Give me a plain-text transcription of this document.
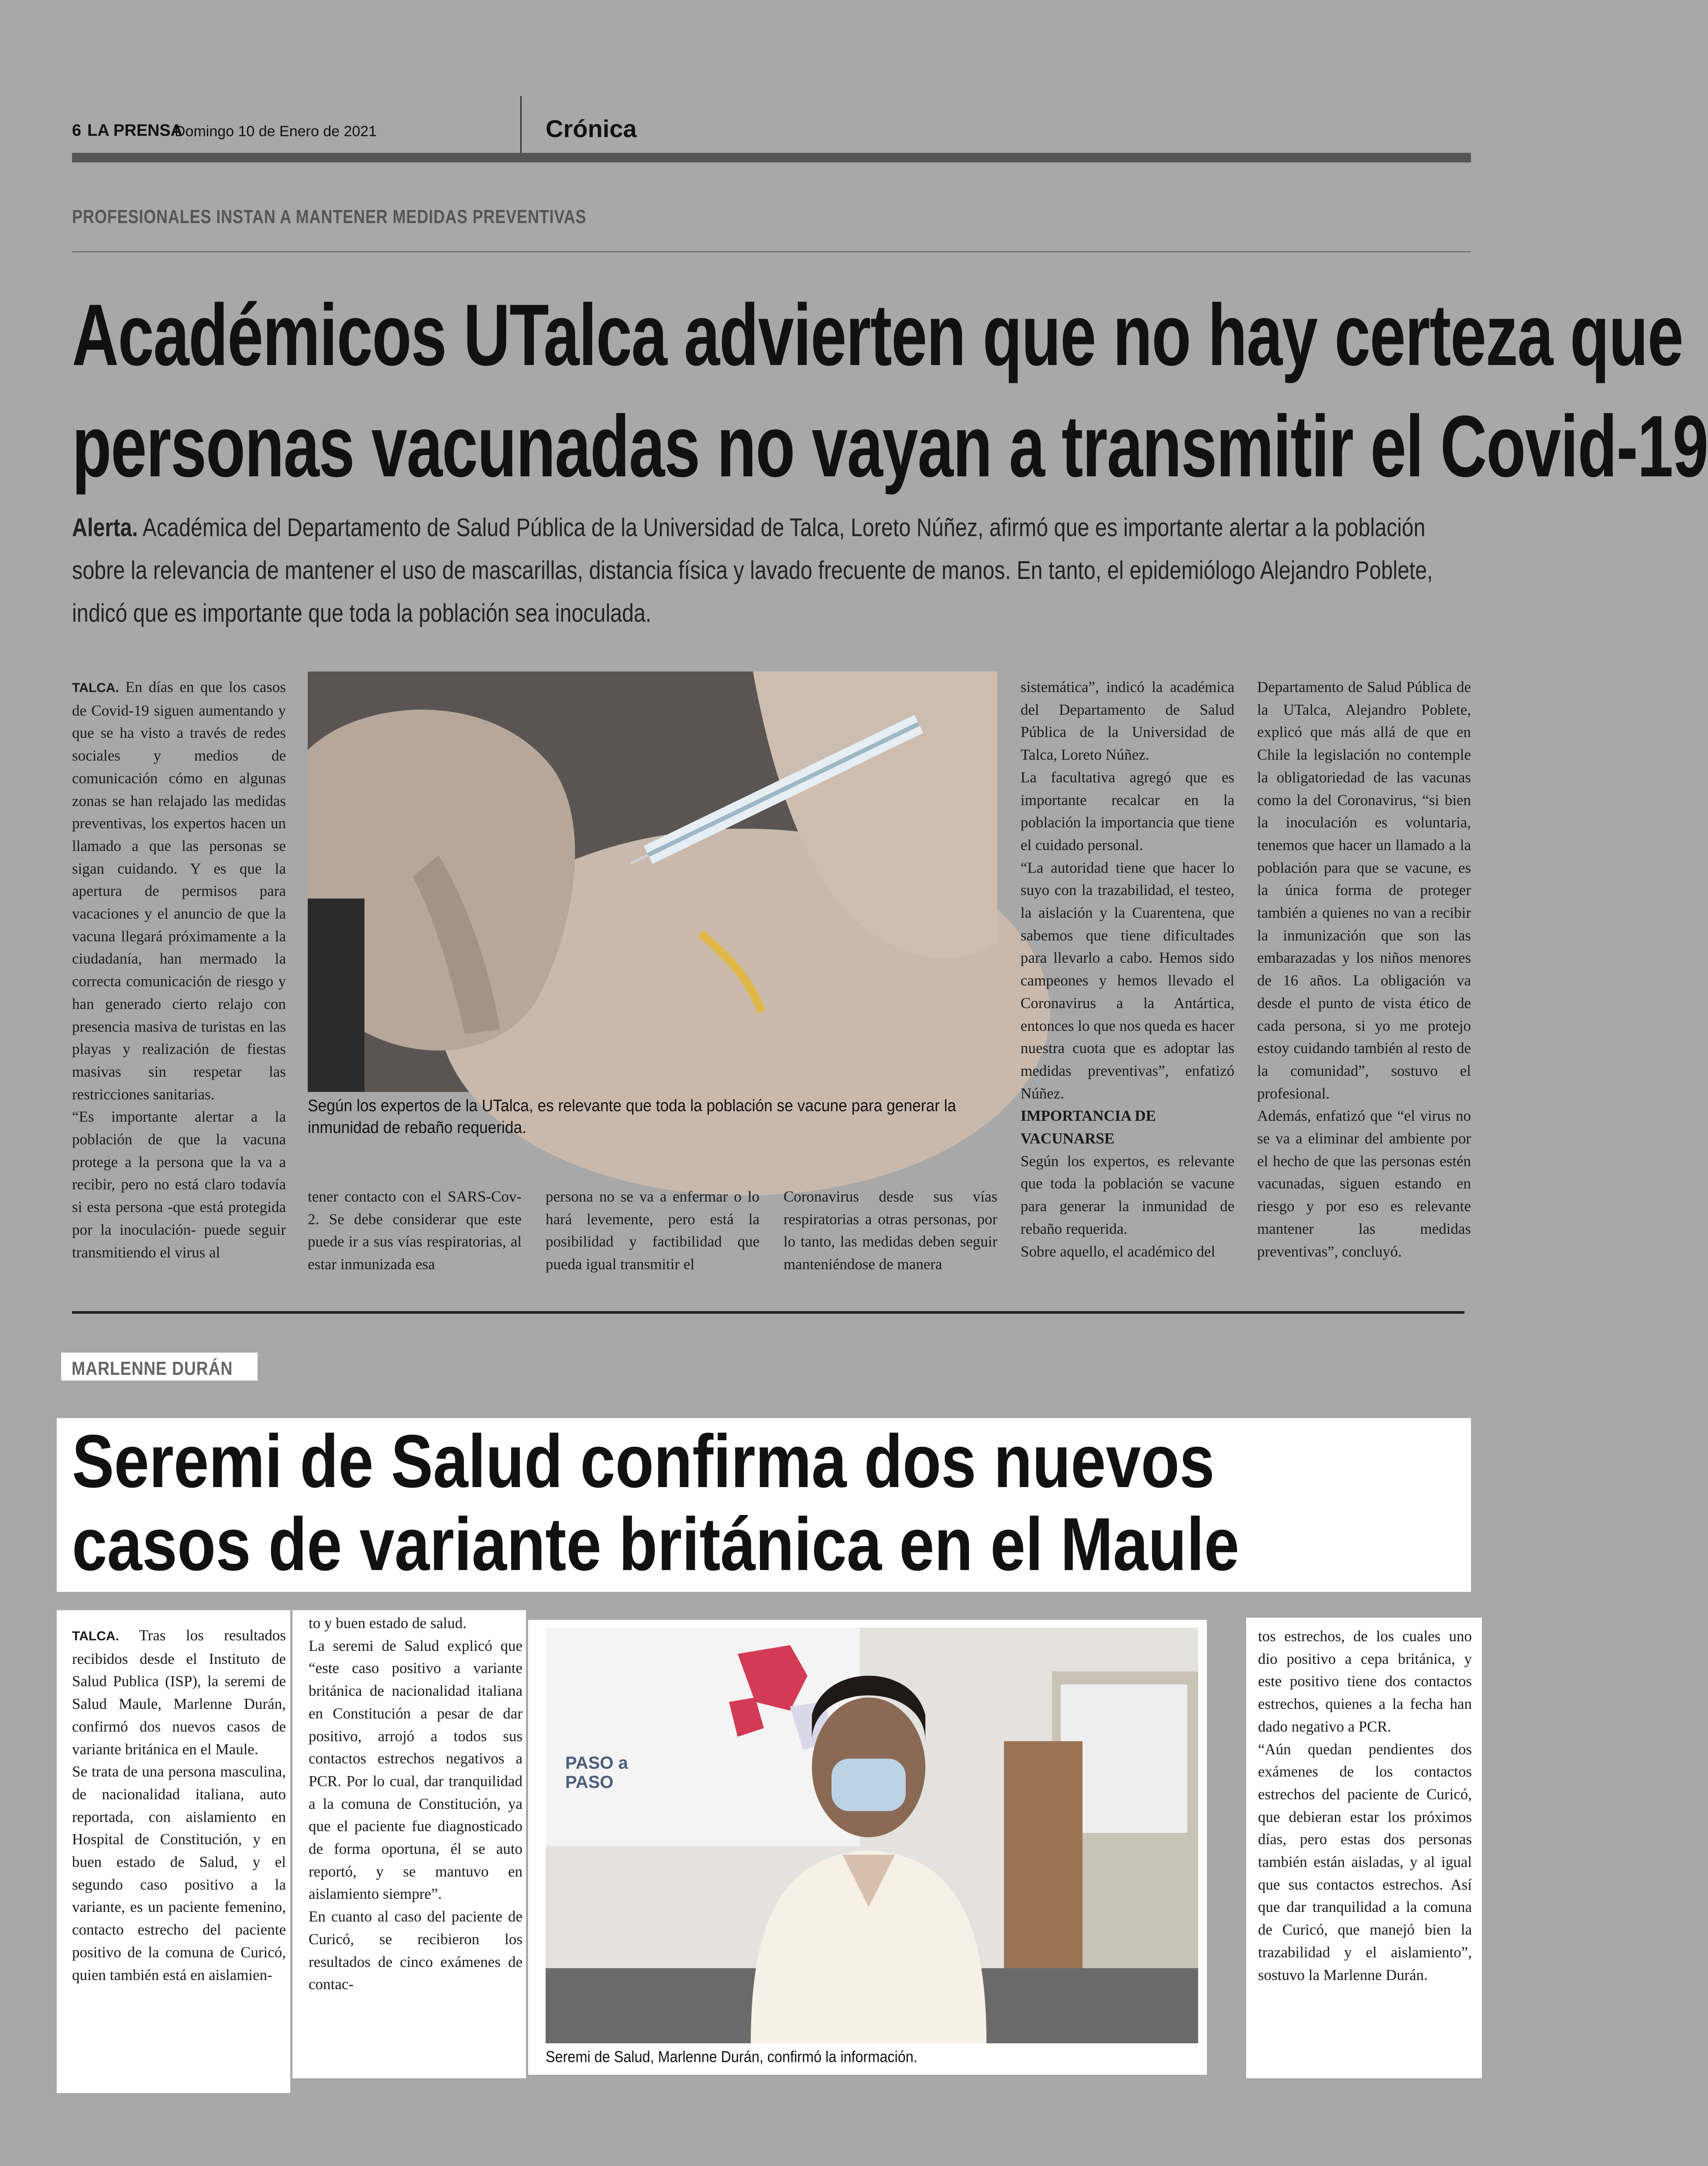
6 LA PRENSA
Domingo 10 de Enero de 2021	Crónica
PROFESIONALES INSTAN A MANTENER MEDIDAS PREVENTIVAS
Académicos UTalca advierten que no hay certeza que
personas vacunadas no vayan a transmitir el Covid-19
Alerta. Académica del Departamento de Salud Pública de la Universidad de Talca, Loreto Núñez, afirmó que es importante alertar a la población sobre la relevancia de mantener el uso de mascarillas, distancia física y lavado frecuente de manos. En tanto, el epidemiólogo Alejandro Poblete, indicó que es importante que toda la población sea inoculada.

TALCA. En días en que los casos de Covid-19 siguen aumentando y que se ha visto a través de redes sociales y medios de comunicación cómo en algunas zonas se han relajado las medidas preventivas, los expertos hacen un llamado a que las personas se sigan cuidando. Y es que la apertura de permisos para vacaciones y el anuncio de que la vacuna llegará próximamente a la ciudadanía, han mermado la correcta comunicación de riesgo y han generado cierto relajo con presencia masiva de turistas en las playas y realización de fiestas masivas sin respetar las restricciones sanitarias.

“Es importante alertar a la población de que la vacuna protege a la persona que la va a recibir, pero no está claro todavía si esta persona -que está protegida por la inoculación- puede seguir transmitiendo el virus al

Según los expertos de la UTalca, es relevante que toda la población se vacune para generar la inmunidad de rebaño requerida.

tener contacto con el SARS-Cov-2. Se debe considerar que este puede ir a sus vías respiratorias, al estar inmunizada esa

persona no se va a enfermar o lo hará levemente, pero está la posibilidad y factibilidad que pueda igual transmitir el

Coronavirus desde sus vías respiratorias a otras personas, por lo tanto, las medidas deben seguir manteniéndose de manera

sistemática”, indicó la académica del Departamento de Salud Pública de la Universidad de Talca, Loreto Núñez.

La facultativa agregó que es importante recalcar en la población la importancia que tiene el cuidado personal.

“La autoridad tiene que hacer lo suyo con la trazabilidad, el testeo, la aislación y la Cuarentena, que sabemos que tiene dificultades para llevarlo a cabo. Hemos sido campeones y hemos llevado el Coronavirus a la Antártica, entonces lo que nos queda es hacer nuestra cuota que es adoptar las medidas preventivas”, enfatizó Núñez.

IMPORTANCIA DE VACUNARSE

Según los expertos, es relevante que toda la población se vacune para generar la inmunidad de rebaño requerida.

Sobre aquello, el académico del

Departamento de Salud Pública de la UTalca, Alejandro Poblete, explicó que más allá de que en Chile la legislación no contemple la obligatoriedad de las vacunas como la del Coronavirus, “si bien la inoculación es voluntaria, tenemos que hacer un llamado a la población para que se vacune, es la única forma de proteger también a quienes no van a recibir la inmunización que son las embarazadas y los niños menores de 16 años. La obligación va desde el punto de vista ético de cada persona, si yo me protejo estoy cuidando también al resto de la comunidad”, sostuvo el profesional.

Además, enfatizó que “el virus no se va a eliminar del ambiente por el hecho de que las personas estén vacunadas, siguen estando en riesgo y por eso es relevante mantener las medidas preventivas”, concluyó.

MARLENNE DURÁN
Seremi de Salud confirma dos nuevos
casos de variante británica en el Maule

TALCA. Tras los resultados recibidos desde el Instituto de Salud Publica (ISP), la seremi de Salud Maule, Marlenne Durán, confirmó dos nuevos casos de variante británica en el Maule.

Se trata de una persona masculina, de nacionalidad italiana, auto reportada, con aislamiento en Hospital de Constitución, y en buen estado de Salud, y el segundo caso positivo a la variante, es un paciente femenino, contacto estrecho del paciente positivo de la comuna de Curicó, quien también está en aislamien-

to y buen estado de salud.

La seremi de Salud explicó que “este caso positivo a variante británica de nacionalidad italiana en Constitución a pesar de dar positivo, arrojó a todos sus contactos estrechos negativos a PCR. Por lo cual, dar tranquilidad a la comuna de Constitución, ya que el paciente fue diagnosticado de forma oportuna, él se auto reportó, y se mantuvo en aislamiento siempre”.

En cuanto al caso del paciente de Curicó, se recibieron los resultados de cinco exámenes de contac-

PASO a PASO
Seremi de Salud, Marlenne Durán, confirmó la información.

tos estrechos, de los cuales uno dio positivo a cepa británica, y este positivo tiene dos contactos estrechos, quienes a la fecha han dado negativo a PCR.

“Aún quedan pendientes dos exámenes de los contactos estrechos del paciente de Curicó, que debieran estar los próximos días, pero estas dos personas también están aisladas, y al igual que sus contactos estrechos. Así que dar tranquilidad a la comuna de Curicó, que manejó bien la trazabilidad y el aislamiento”, sostuvo la Marlenne Durán.
